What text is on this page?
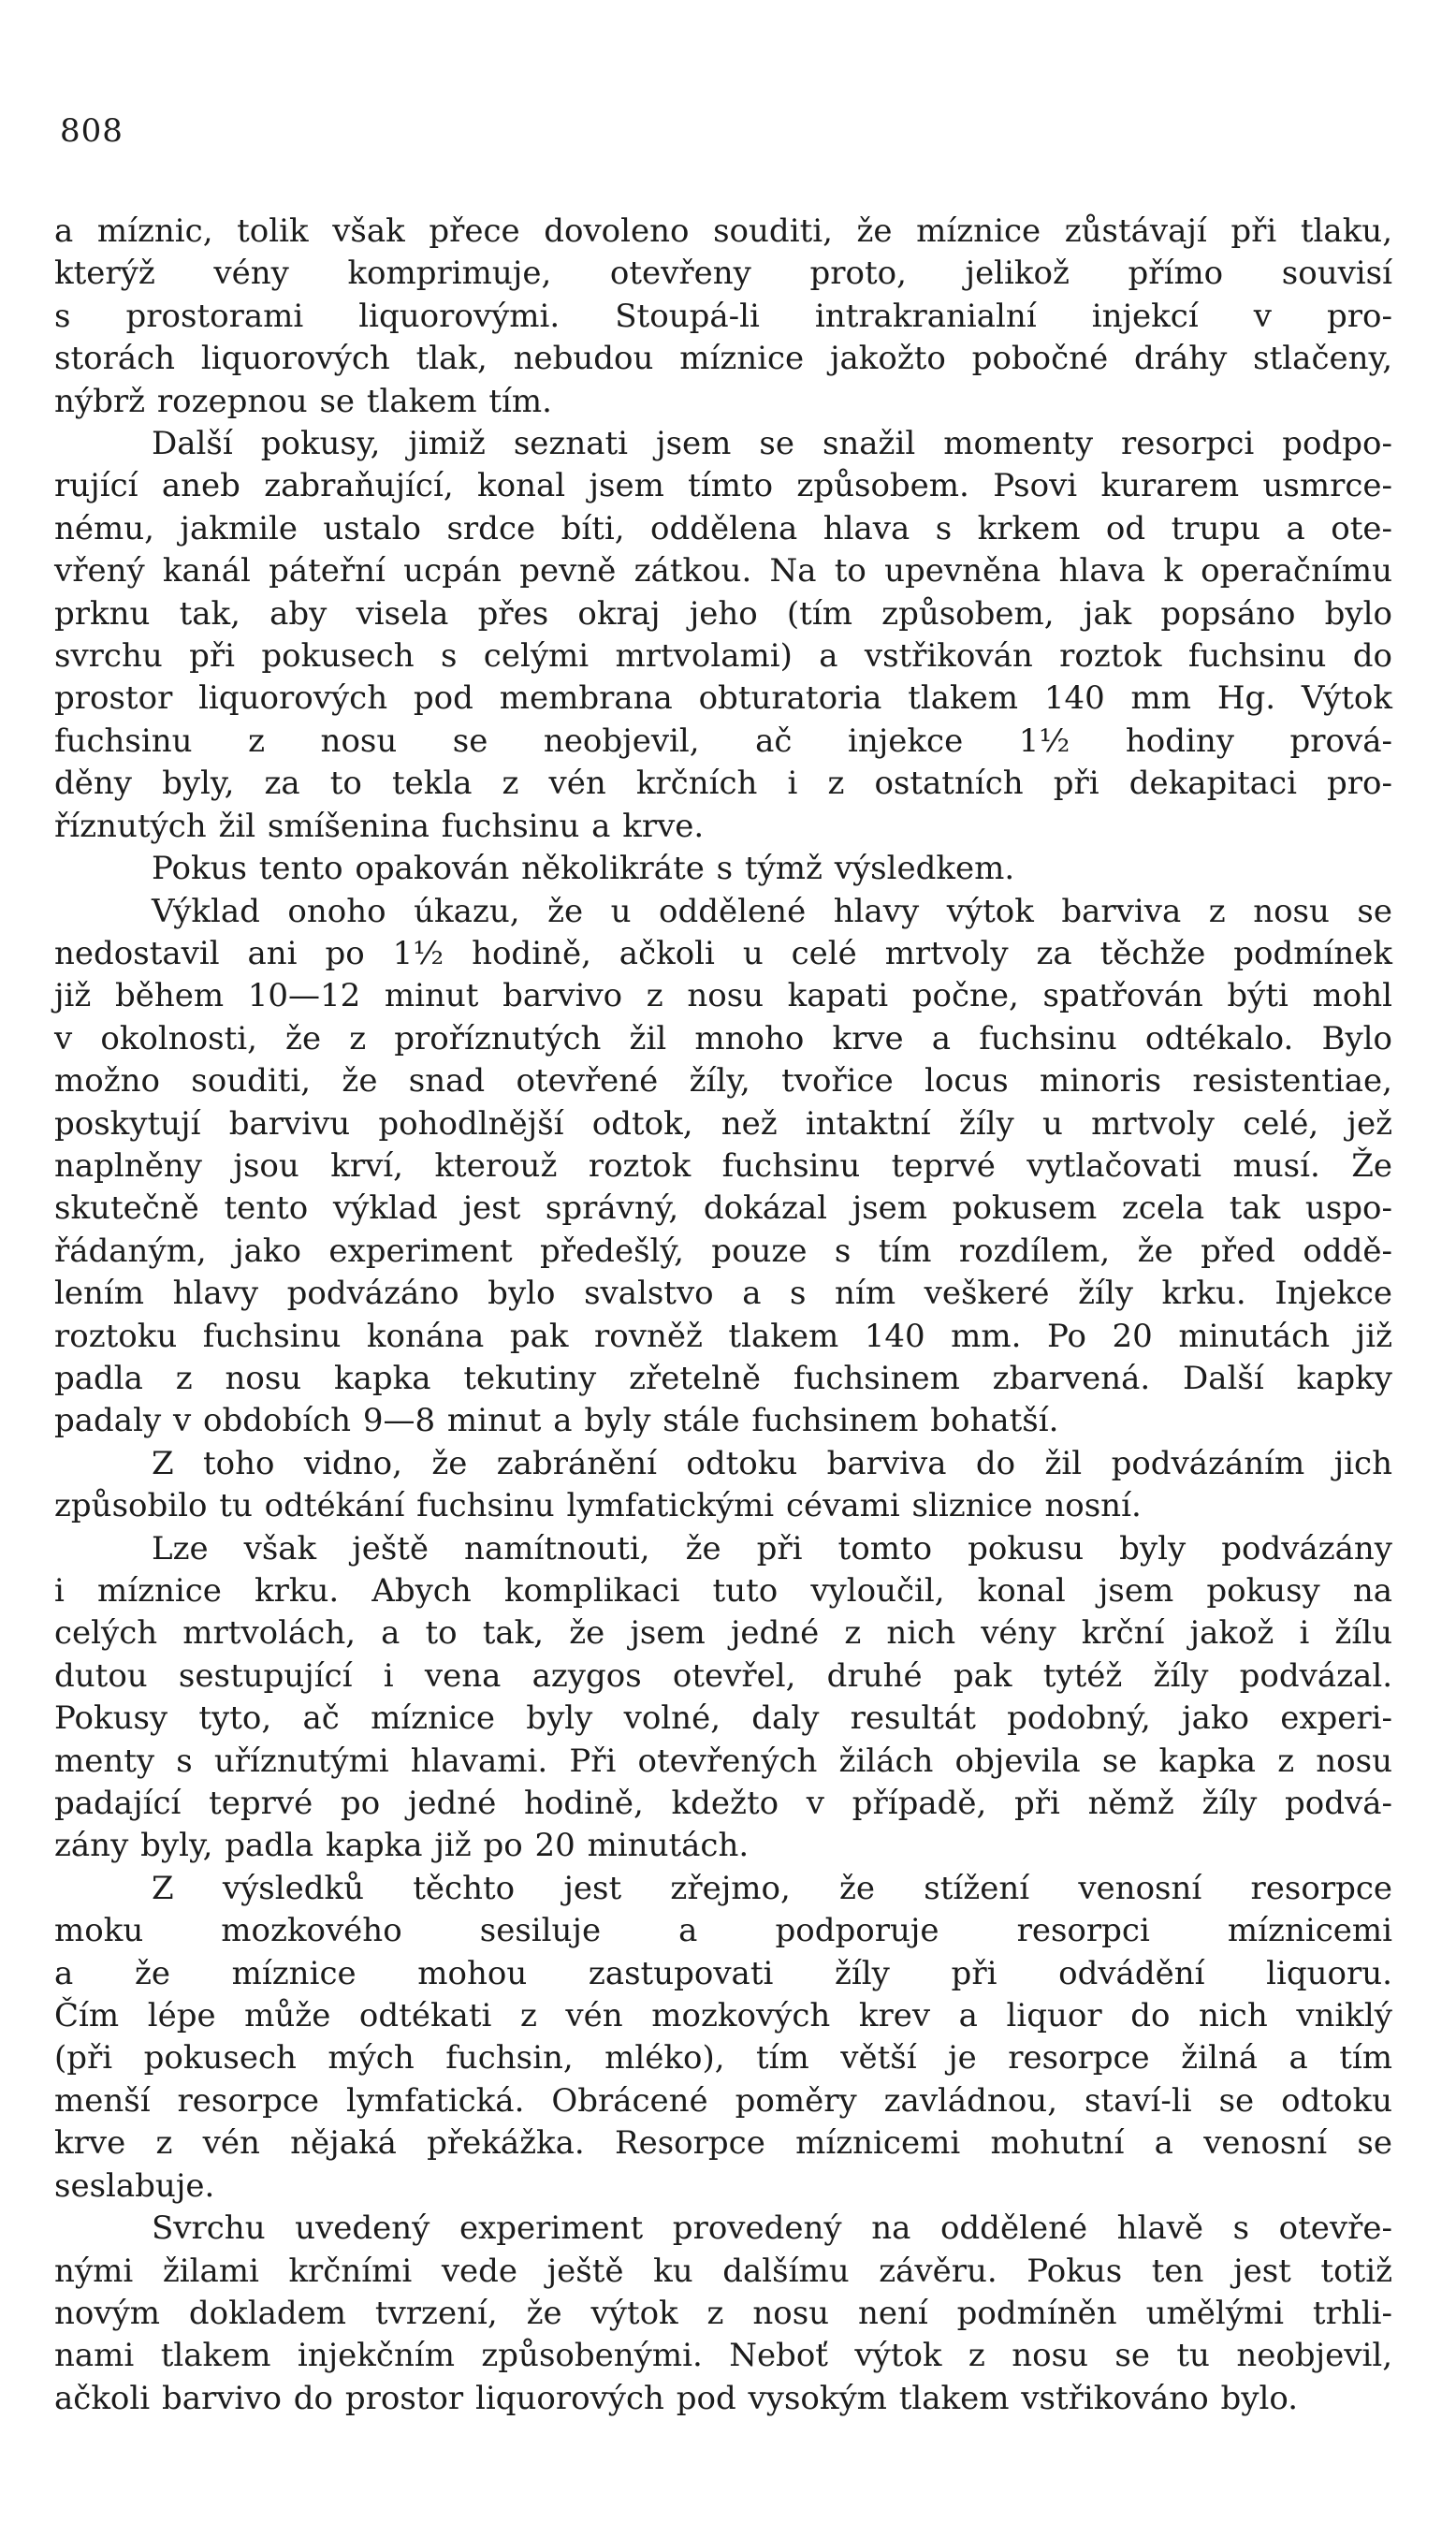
808

a míznic, tolik však přece dovoleno souditi, že míznice zůstávají při tlaku,
kterýž vény komprimuje, otevřeny proto, jelikož přímo souvisí
s prostorami liquorovými. Stoupá-li intrakranialní injekcí v pro-
storách liquorových tlak, nebudou míznice jakožto pobočné dráhy stlačeny,
nýbrž rozepnou se tlakem tím.

Další pokusy, jimiž seznati jsem se snažil momenty resorpci podpo-
rující aneb zabraňující, konal jsem tímto způsobem. Psovi kurarem usmrce-
nému, jakmile ustalo srdce bíti, oddělena hlava s krkem od trupu a ote-
vřený kanál páteřní ucpán pevně zátkou. Na to upevněna hlava k operačnímu
prknu tak, aby visela přes okraj jeho (tím způsobem, jak popsáno bylo
svrchu při pokusech s celými mrtvolami) a vstřikován roztok fuchsinu do
prostor liquorových pod membrana obturatoria tlakem 140 mm Hg. Výtok
fuchsinu z nosu se neobjevil, ač injekce 1½ hodiny prová-
děny byly, za to tekla z vén krčních i z ostatních při dekapitaci pro-
říznutých žil smíšenina fuchsinu a krve.

Pokus tento opakován několikráte s týmž výsledkem.

Výklad onoho úkazu, že u oddělené hlavy výtok barviva z nosu se
nedostavil ani po 1½ hodině, ačkoli u celé mrtvoly za těchže podmínek
již během 10—12 minut barvivo z nosu kapati počne, spatřován býti mohl
v okolnosti, že z proříznutých žil mnoho krve a fuchsinu odtékalo. Bylo
možno souditi, že snad otevřené žíly, tvořice locus minoris resistentiae,
poskytují barvivu pohodlnější odtok, než intaktní žíly u mrtvoly celé, jež
naplněny jsou krví, kterouž roztok fuchsinu teprvé vytlačovati musí. Že
skutečně tento výklad jest správný, dokázal jsem pokusem zcela tak uspo-
řádaným, jako experiment předešlý, pouze s tím rozdílem, že před oddě-
lením hlavy podvázáno bylo svalstvo a s ním veškeré žíly krku. Injekce
roztoku fuchsinu konána pak rovněž tlakem 140 mm. Po 20 minutách již
padla z nosu kapka tekutiny zřetelně fuchsinem zbarvená. Další kapky
padaly v obdobích 9—8 minut a byly stále fuchsinem bohatší.

Z toho vidno, že zabránění odtoku barviva do žil podvázáním jich
způsobilo tu odtékání fuchsinu lymfatickými cévami sliznice nosní.

Lze však ještě namítnouti, že při tomto pokusu byly podvázány
i míznice krku. Abych komplikaci tuto vyloučil, konal jsem pokusy na
celých mrtvolách, a to tak, že jsem jedné z nich vény krční jakož i žílu
dutou sestupující i vena azygos otevřel, druhé pak tytéž žíly podvázal.
Pokusy tyto, ač míznice byly volné, daly resultát podobný, jako experi-
menty s uříznutými hlavami. Při otevřených žilách objevila se kapka z nosu
padající teprvé po jedné hodině, kdežto v případě, při němž žíly podvá-
zány byly, padla kapka již po 20 minutách.

Z výsledků těchto jest zřejmo, že stížení venosní resorpce
moku mozkového sesiluje a podporuje resorpci míznicemi
a že míznice mohou zastupovati žíly při odvádění liquoru.
Čím lépe může odtékati z vén mozkových krev a liquor do nich vniklý
(při pokusech mých fuchsin, mléko), tím větší je resorpce žilná a tím
menší resorpce lymfatická. Obrácené poměry zavládnou, staví-li se odtoku
krve z vén nějaká překážka. Resorpce míznicemi mohutní a venosní se
seslabuje.

Svrchu uvedený experiment provedený na oddělené hlavě s otevře-
nými žilami krčními vede ještě ku dalšímu závěru. Pokus ten jest totiž
novým dokladem tvrzení, že výtok z nosu není podmíněn umělými trhli-
nami tlakem injekčním způsobenými. Neboť výtok z nosu se tu neobjevil,
ačkoli barvivo do prostor liquorových pod vysokým tlakem vstřikováno bylo.
